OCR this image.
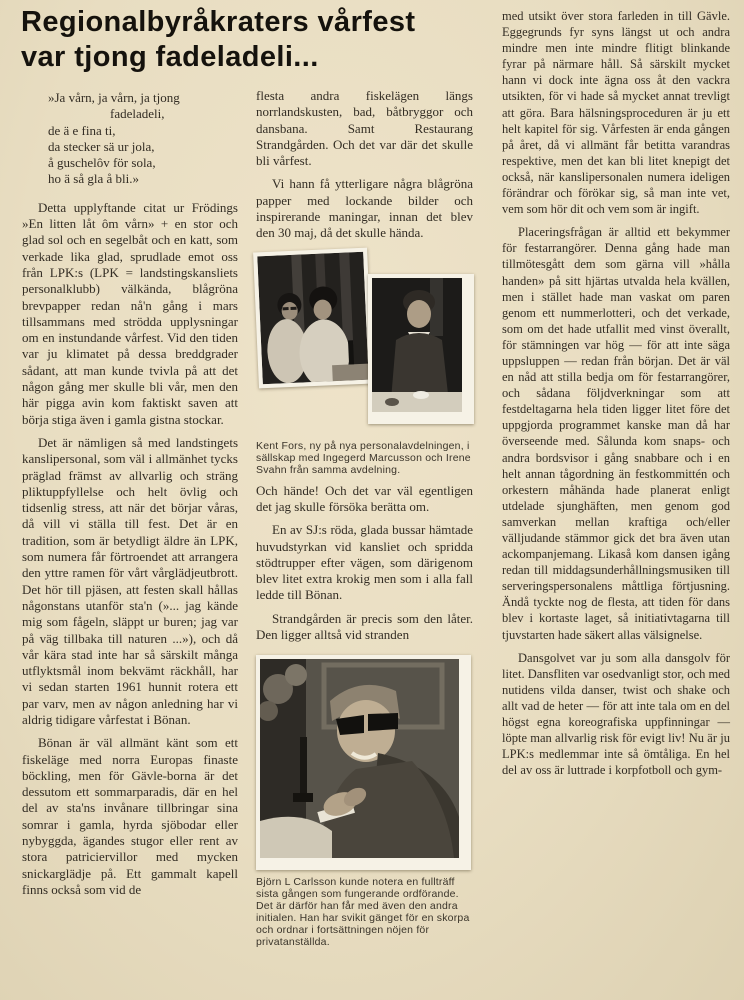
Regionalbyråkraters vårfest
var tjong fadeladeli...
»Ja vårn, ja vårn, ja tjong
fadeladeli,
de ä e fina ti,
da stecker sä ur jola,
å guschelôv för sola,
ho ä så gla å bli.»

Detta upplyftande citat ur Frödings »En litten låt ôm vårn» + en stor och glad sol och en segelbåt och en katt, som verkade lika glad, sprudlade emot oss från LPK:s (LPK = landstingskansliets personalklubb) välkända, blågröna brevpapper redan nå'n gång i mars tillsammans med strödda upplysningar om en instundande vårfest. Vid den tiden var ju klimatet på dessa breddgrader sådant, att man kunde tvivla på att det någon gång mer skulle bli vår, men den här pigga avin kom faktiskt saven att börja stiga även i gamla gistna stockar.

Det är nämligen så med landstingets kanslipersonal, som väl i allmänhet tycks präglad främst av allvarlig och sträng pliktuppfyllelse och helt övlig och tidsenlig stress, att när det börjar våras, då vill vi ställa till fest. Det är en tradition, som är betydligt äldre än LPK, som numera får förtroendet att arrangera den yttre ramen för vårt vårglädjeutbrott. Det hör till pjäsen, att festen skall hållas någonstans utanför sta'n (»... jag kände mig som fågeln, släppt ur buren; jag var på väg tillbaka till naturen ...»), och då vår kära stad inte har så särskilt många utflyktsmål inom bekvämt räckhåll, har vi sedan starten 1961 hunnit rotera ett par varv, men av någon anledning har vi aldrig tidigare vårfestat i Bönan.

Bönan är väl allmänt känt som ett fiskeläge med norra Europas finaste böckling, men för Gävle-borna är det dessutom ett sommarparadis, där en hel del av sta'ns invånare tillbringar sina somrar i gamla, hyrda sjöbodar eller nybyggda, ägandes stugor eller rent av stora patriciervillor med mycken snickarglädje på. Ett gammalt kapell finns också som vid de

flesta andra fiskelägen längs norrlandskusten, bad, båtbryggor och dansbana. Samt Restaurang Strandgården. Och det var där det skulle bli vårfest.

Vi hann få ytterligare några blågröna papper med lockande bilder och inspirerande maningar, innan det blev den 30 maj, då det skulle hända.

Kent Fors, ny på nya personalavdelningen, i sällskap med Ingegerd Marcusson och Irene Svahn från samma avdelning.

Och hände! Och det var väl egentligen det jag skulle försöka berätta om.

En av SJ:s röda, glada bussar hämtade huvudstyrkan vid kansliet och spridda stödtrupper efter vägen, som därigenom blev litet extra krokig men som i alla fall ledde till Bönan.

Strandgården är precis som den låter. Den ligger alltså vid stranden

Björn L Carlsson kunde notera en fullträff sista gången som fungerande ordförande. Det är därför han får med även den andra initialen. Han har svikit gänget för en skorpa och ordnar i fortsättningen nöjen för privatanställda.

med utsikt över stora farleden in till Gävle. Eggegrunds fyr syns längst ut och andra mindre men inte mindre flitigt blinkande fyrar på närmare håll. Så särskilt mycket hann vi dock inte ägna oss åt den vackra utsikten, för vi hade så mycket annat trevligt att göra. Bara hälsningsproceduren är ju ett helt kapitel för sig. Vårfesten är enda gången på året, då vi allmänt får betitta varandras respektive, men det kan bli litet knepigt det också, när kanslipersonalen numera ideligen förändrar och förökar sig, så man inte vet, vem som hör dit och vem som är ingift.

Placeringsfrågan är alltid ett bekymmer för festarrangörer. Denna gång hade man tillmötesgått dem som gärna vill »hålla handen» på sitt hjärtas utvalda hela kvällen, men i stället hade man vaskat om paren genom ett nummerlotteri, och det verkade, som om det hade utfallit med vinst överallt, för stämningen var hög — för att inte säga uppsluppen — redan från början. Det är väl en nåd att stilla bedja om för festarrangörer, och sådana följdverkningar som att festdeltagarna hela tiden ligger litet före det uppgjorda programmet kanske man då har överseende med. Sålunda kom snaps- och andra bordsvisor i gång snabbare och i en helt annan tågordning än festkommittén och orkestern måhända hade planerat enligt utdelade sjunghäften, men genom god samverkan mellan kraftiga och/eller välljudande stämmor gick det bra även utan ackompanjemang. Likaså kom dansen igång redan till middagsunderhållningsmusiken till serveringspersonalens måttliga förtjusning. Ändå tyckte nog de flesta, att tiden för dans blev i kortaste laget, så initiativtagarna till tjuvstarten hade säkert allas välsignelse.

Dansgolvet var ju som alla dansgolv för litet. Dansfliten var osedvanligt stor, och med nutidens vilda danser, twist och shake och allt vad de heter — för att inte tala om en del högst egna koreografiska uppfinningar — löpte man allvarlig risk för evigt liv! Nu är ju LPK:s medlemmar inte så ömtåliga. En hel del av oss är luttrade i korpfotboll och gym-
